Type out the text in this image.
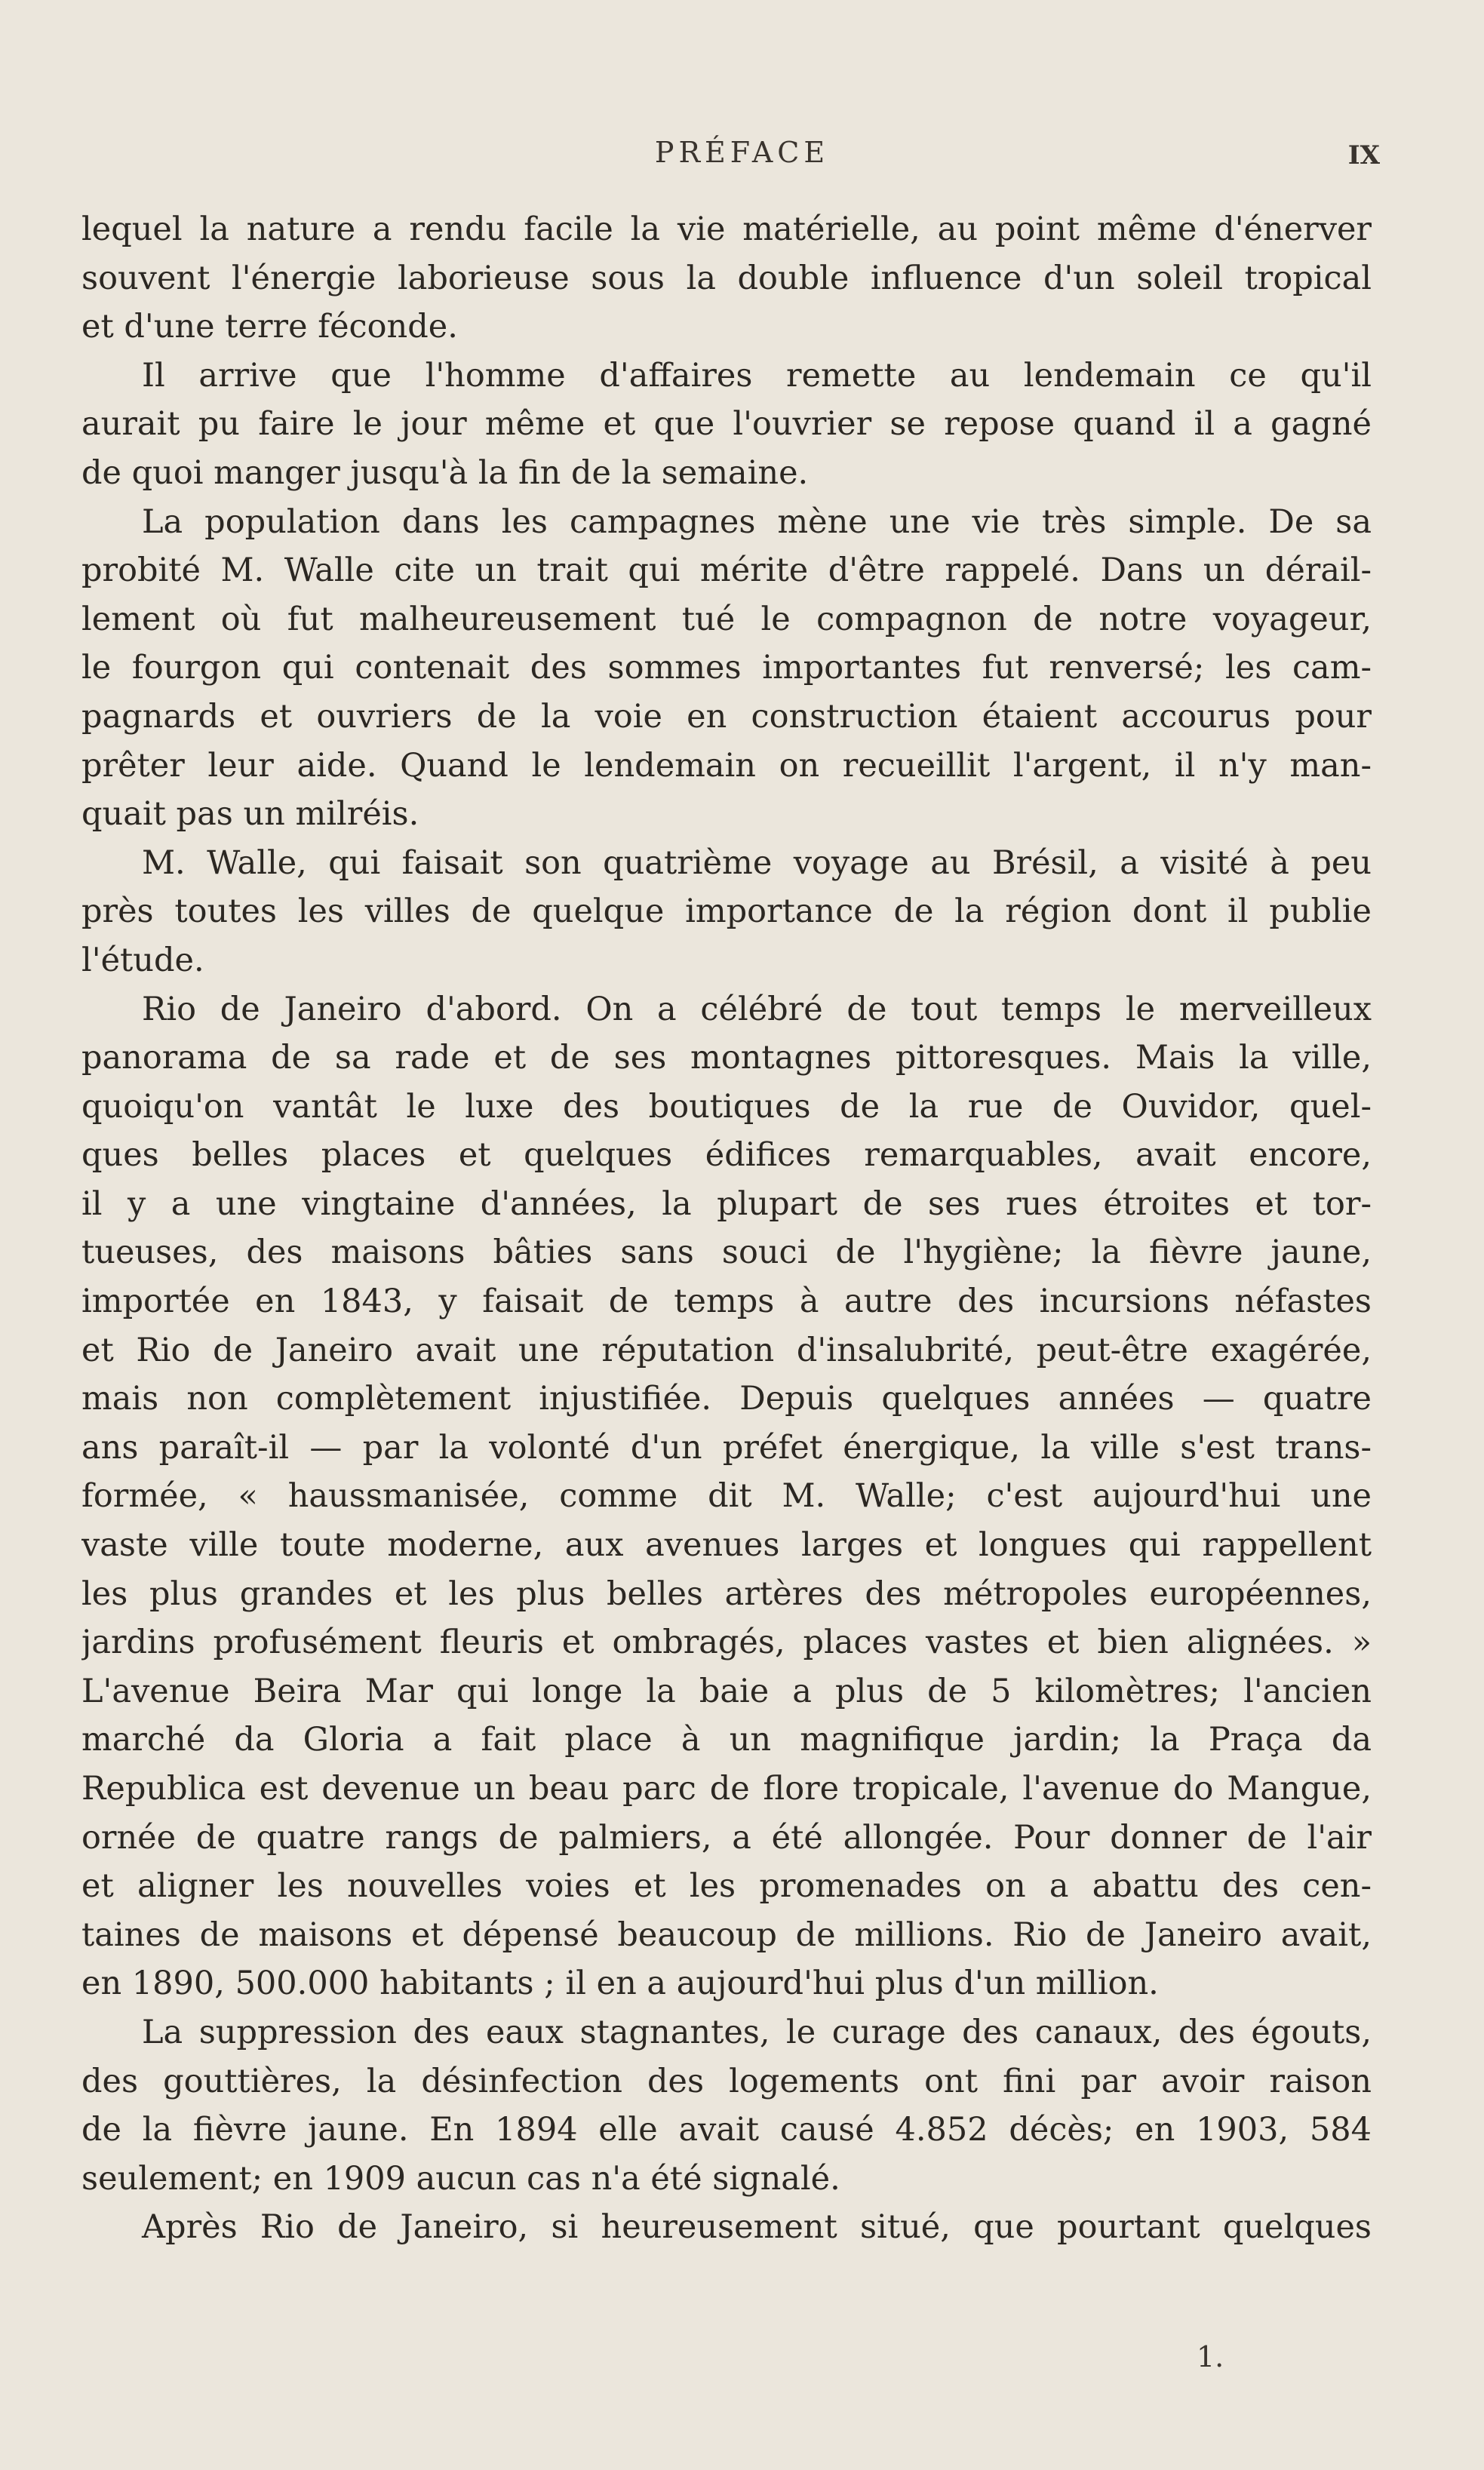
PRÉFACE	IX
lequel la nature a rendu facile la vie matérielle, au point même d'énerver
souvent l'énergie laborieuse sous la double influence d'un soleil tropical
et d'une terre féconde.
Il arrive que l'homme d'affaires remette au lendemain ce qu'il
aurait pu faire le jour même et que l'ouvrier se repose quand il a gagné
de quoi manger jusqu'à la fin de la semaine.
La population dans les campagnes mène une vie très simple. De sa
probité M. Walle cite un trait qui mérite d'être rappelé. Dans un dérail-
lement où fut malheureusement tué le compagnon de notre voyageur,
le fourgon qui contenait des sommes importantes fut renversé; les cam-
pagnards et ouvriers de la voie en construction étaient accourus pour
prêter leur aide. Quand le lendemain on recueillit l'argent, il n'y man-
quait pas un milréis.
M. Walle, qui faisait son quatrième voyage au Brésil, a visité à peu
près toutes les villes de quelque importance de la région dont il publie
l'étude.
Rio de Janeiro d'abord. On a célébré de tout temps le merveilleux
panorama de sa rade et de ses montagnes pittoresques. Mais la ville,
quoiqu'on vantât le luxe des boutiques de la rue de Ouvidor, quel-
ques belles places et quelques édifices remarquables, avait encore,
il y a une vingtaine d'années, la plupart de ses rues étroites et tor-
tueuses, des maisons bâties sans souci de l'hygiène; la fièvre jaune,
importée en 1843, y faisait de temps à autre des incursions néfastes
et Rio de Janeiro avait une réputation d'insalubrité, peut-être exagérée,
mais non complètement injustifiée. Depuis quelques années — quatre
ans paraît-il — par la volonté d'un préfet énergique, la ville s'est trans-
formée, « haussmanisée, comme dit M. Walle; c'est aujourd'hui une
vaste ville toute moderne, aux avenues larges et longues qui rappellent
les plus grandes et les plus belles artères des métropoles européennes,
jardins profusément fleuris et ombragés, places vastes et bien alignées. »
L'avenue Beira Mar qui longe la baie a plus de 5 kilomètres; l'ancien
marché da Gloria a fait place à un magnifique jardin; la Praça da
Republica est devenue un beau parc de flore tropicale, l'avenue do Mangue,
ornée de quatre rangs de palmiers, a été allongée. Pour donner de l'air
et aligner les nouvelles voies et les promenades on a abattu des cen-
taines de maisons et dépensé beaucoup de millions. Rio de Janeiro avait,
en 1890, 500.000 habitants ; il en a aujourd'hui plus d'un million.
La suppression des eaux stagnantes, le curage des canaux, des égouts,
des gouttières, la désinfection des logements ont fini par avoir raison
de la fièvre jaune. En 1894 elle avait causé 4.852 décès; en 1903, 584
seulement; en 1909 aucun cas n'a été signalé.
Après Rio de Janeiro, si heureusement situé, que pourtant quelques
1.
